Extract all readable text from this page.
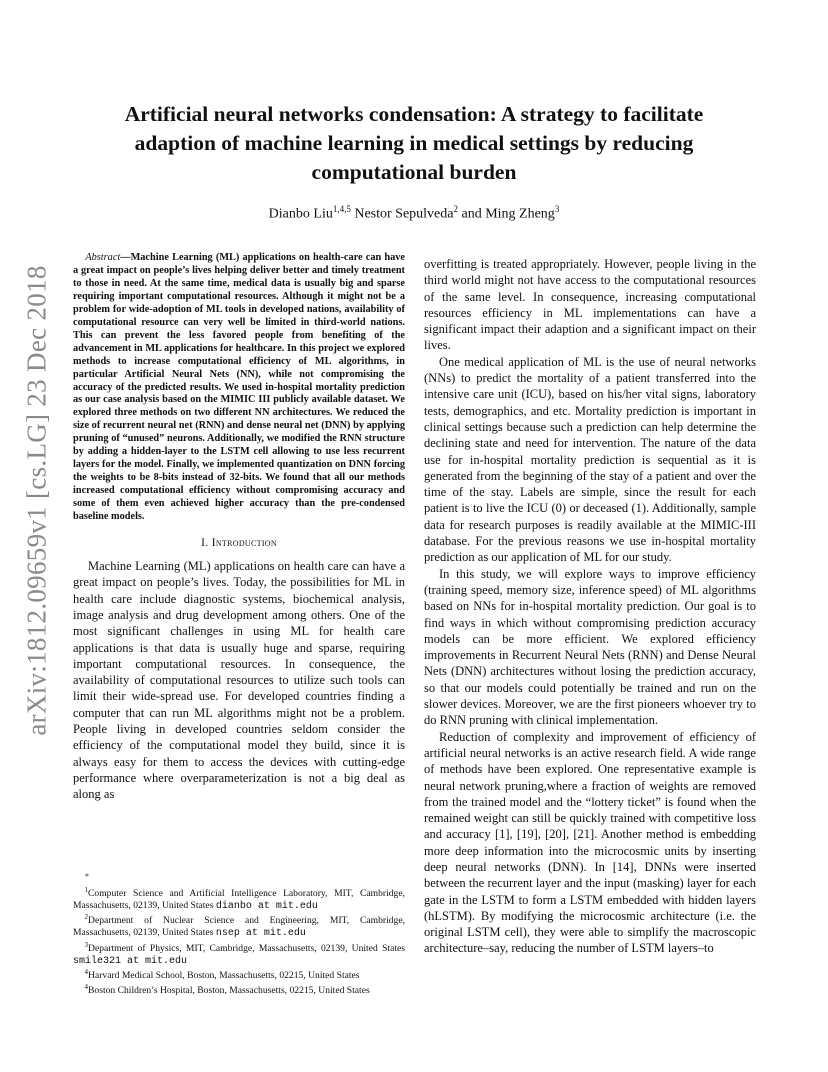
arXiv:1812.09659v1 [cs.LG] 23 Dec 2018
Artificial neural networks condensation: A strategy to facilitate adaption of machine learning in medical settings by reducing computational burden
Dianbo Liu$^{1,4,5}$ Nestor Sepulveda$^2$ and Ming Zheng$^3$

Abstract—Machine Learning (ML) applications on health-care can have a great impact on people’s lives helping deliver better and timely treatment to those in need. At the same time, medical data is usually big and sparse requiring important computational resources. Although it might not be a problem for wide-adoption of ML tools in developed nations, availability of computational resource can very well be limited in third-world nations. This can prevent the less favored people from benefiting of the advancement in ML applications for healthcare. In this project we explored methods to increase computational efficiency of ML algorithms, in particular Artificial Neural Nets (NN), while not compromising the accuracy of the predicted results. We used in-hospital mortality prediction as our case analysis based on the MIMIC III publicly available dataset. We explored three methods on two different NN architectures. We reduced the size of recurrent neural net (RNN) and dense neural net (DNN) by applying pruning of “unused” neurons. Additionally, we modified the RNN structure by adding a hidden-layer to the LSTM cell allowing to use less recurrent layers for the model. Finally, we implemented quantization on DNN forcing the weights to be 8-bits instead of 32-bits. We found that all our methods increased computational efficiency without compromising accuracy and some of them even achieved higher accuracy than the pre-condensed baseline models.

I. Introduction

Machine Learning (ML) applications on health care can have a great impact on people’s lives. Today, the possibilities for ML in health care include diagnostic systems, biochemical analysis, image analysis and drug development among others. One of the most significant challenges in using ML for health care applications is that data is usually huge and sparse, requiring important computational resources. In consequence, the availability of computational resources to utilize such tools can limit their wide-spread use. For developed countries finding a computer that can run ML algorithms might not be a problem. People living in developed countries seldom consider the efficiency of the computational model they build, since it is always easy for them to access the devices with cutting-edge performance where overparameterization is not a big deal as along as

overfitting is treated appropriately. However, people living in the third world might not have access to the computational resources of the same level. In consequence, increasing computational resources efficiency in ML implementations can have a significant impact their adaption and a significant impact on their lives.

One medical application of ML is the use of neural networks (NNs) to predict the mortality of a patient transferred into the intensive care unit (ICU), based on his/her vital signs, laboratory tests, demographics, and etc. Mortality prediction is important in clinical settings because such a prediction can help determine the declining state and need for intervention. The nature of the data use for in-hospital mortality prediction is sequential as it is generated from the beginning of the stay of a patient and over the time of the stay. Labels are simple, since the result for each patient is to live the ICU (0) or deceased (1). Additionally, sample data for research purposes is readily available at the MIMIC-III database. For the previous reasons we use in-hospital mortality prediction as our application of ML for our study.

In this study, we will explore ways to improve efficiency (training speed, memory size, inference speed) of ML algorithms based on NNs for in-hospital mortality prediction. Our goal is to find ways in which without compromising prediction accuracy models can be more efficient. We explored efficiency improvements in Recurrent Neural Nets (RNN) and Dense Neural Nets (DNN) architectures without losing the prediction accuracy, so that our models could potentially be trained and run on the slower devices. Moreover, we are the first pioneers whoever try to do RNN pruning with clinical implementation.

Reduction of complexity and improvement of efficiency of artificial neural networks is an active research field. A wide range of methods have been explored. One representative example is neural network pruning,where a fraction of weights are removed from the trained model and the “lottery ticket” is found when the remained weight can still be quickly trained with competitive loss and accuracy [1], [19], [20], [21]. Another method is embedding more deep information into the microcosmic units by inserting deep neural networks (DNN). In [14], DNNs were inserted between the recurrent layer and the input (masking) layer for each gate in the LSTM to form a LSTM embedded with hidden layers (hLSTM). By modifying the microcosmic architecture (i.e. the original LSTM cell), they were able to simplify the macroscopic architecture–say, reducing the number of LSTM layers–to

*

$^1$Computer Science and Artificial Intelligence Laboratory, MIT, Cambridge, Massachusetts, 02139, United States dianbo at mit.edu

$^2$Department of Nuclear Science and Engineering, MIT, Cambridge, Massachusetts, 02139, United States nsep at mit.edu

$^3$Department of Physics, MIT, Cambridge, Massachusetts, 02139, United States smile321 at mit.edu

$^4$Harvard Medical School, Boston, Massachusetts, 02215, United States

$^4$Boston Children’s Hospital, Boston, Massachusetts, 02215, United States
